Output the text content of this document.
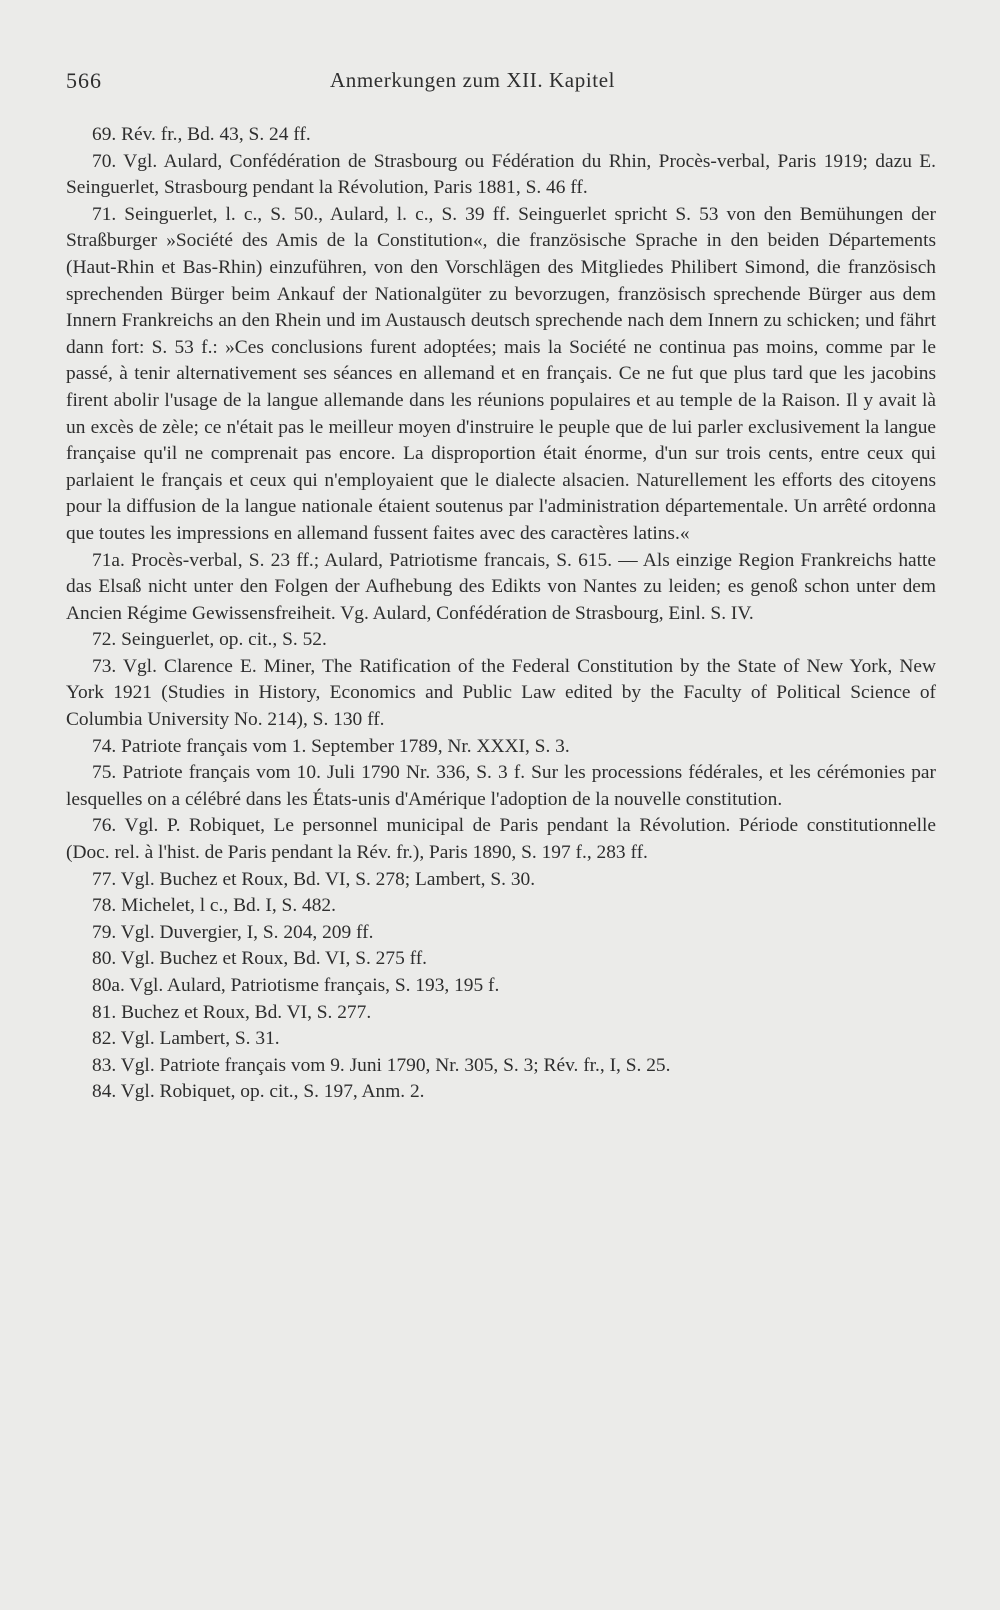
566	Anmerkungen zum XII. Kapitel

69. Rév. fr., Bd. 43, S. 24 ff.

70. Vgl. Aulard, Confédération de Strasbourg ou Fédération du Rhin, Procès-verbal, Paris 1919; dazu E. Seinguerlet, Strasbourg pendant la Révolution, Paris 1881, S. 46 ff.

71. Seinguerlet, l. c., S. 50., Aulard, l. c., S. 39 ff. Seinguerlet spricht S. 53 von den Bemühungen der Straßburger »Société des Amis de la Constitution«, die französische Sprache in den beiden Départements (Haut-Rhin et Bas-Rhin) einzuführen, von den Vorschlägen des Mitgliedes Philibert Simond, die französisch sprechenden Bürger beim Ankauf der Nationalgüter zu bevorzugen, französisch sprechende Bürger aus dem Innern Frankreichs an den Rhein und im Austausch deutsch sprechende nach dem Innern zu schicken; und fährt dann fort: S. 53 f.: »Ces conclusions furent adoptées; mais la Société ne continua pas moins, comme par le passé, à tenir alternativement ses séances en allemand et en français. Ce ne fut que plus tard que les jacobins firent abolir l'usage de la langue allemande dans les réunions populaires et au temple de la Raison. Il y avait là un excès de zèle; ce n'était pas le meilleur moyen d'instruire le peuple que de lui parler exclusivement la langue française qu'il ne comprenait pas encore. La disproportion était énorme, d'un sur trois cents, entre ceux qui parlaient le français et ceux qui n'employaient que le dialecte alsacien. Naturellement les efforts des citoyens pour la diffusion de la langue nationale étaient soutenus par l'administration départementale. Un arrêté ordonna que toutes les impressions en allemand fussent faites avec des caractères latins.«

71a. Procès-verbal, S. 23 ff.; Aulard, Patriotisme francais, S. 615. — Als einzige Region Frankreichs hatte das Elsaß nicht unter den Folgen der Aufhebung des Edikts von Nantes zu leiden; es genoß schon unter dem Ancien Régime Gewissensfreiheit. Vg. Aulard, Confédération de Strasbourg, Einl. S. IV.

72. Seinguerlet, op. cit., S. 52.

73. Vgl. Clarence E. Miner, The Ratification of the Federal Constitution by the State of New York, New York 1921 (Studies in History, Economics and Public Law edited by the Faculty of Political Science of Columbia University No. 214), S. 130 ff.

74. Patriote français vom 1. September 1789, Nr. XXXI, S. 3.

75. Patriote français vom 10. Juli 1790 Nr. 336, S. 3 f. Sur les processions fédérales, et les cérémonies par lesquelles on a célébré dans les États-unis d'Amérique l'adoption de la nouvelle constitution.

76. Vgl. P. Robiquet, Le personnel municipal de Paris pendant la Révolution. Période constitutionnelle (Doc. rel. à l'hist. de Paris pendant la Rév. fr.), Paris 1890, S. 197 f., 283 ff.

77. Vgl. Buchez et Roux, Bd. VI, S. 278; Lambert, S. 30.

78. Michelet, l c., Bd. I, S. 482.

79. Vgl. Duvergier, I, S. 204, 209 ff.

80. Vgl. Buchez et Roux, Bd. VI, S. 275 ff.

80a. Vgl. Aulard, Patriotisme français, S. 193, 195 f.

81. Buchez et Roux, Bd. VI, S. 277.

82. Vgl. Lambert, S. 31.

83. Vgl. Patriote français vom 9. Juni 1790, Nr. 305, S. 3; Rév. fr., I, S. 25.

84. Vgl. Robiquet, op. cit., S. 197, Anm. 2.
